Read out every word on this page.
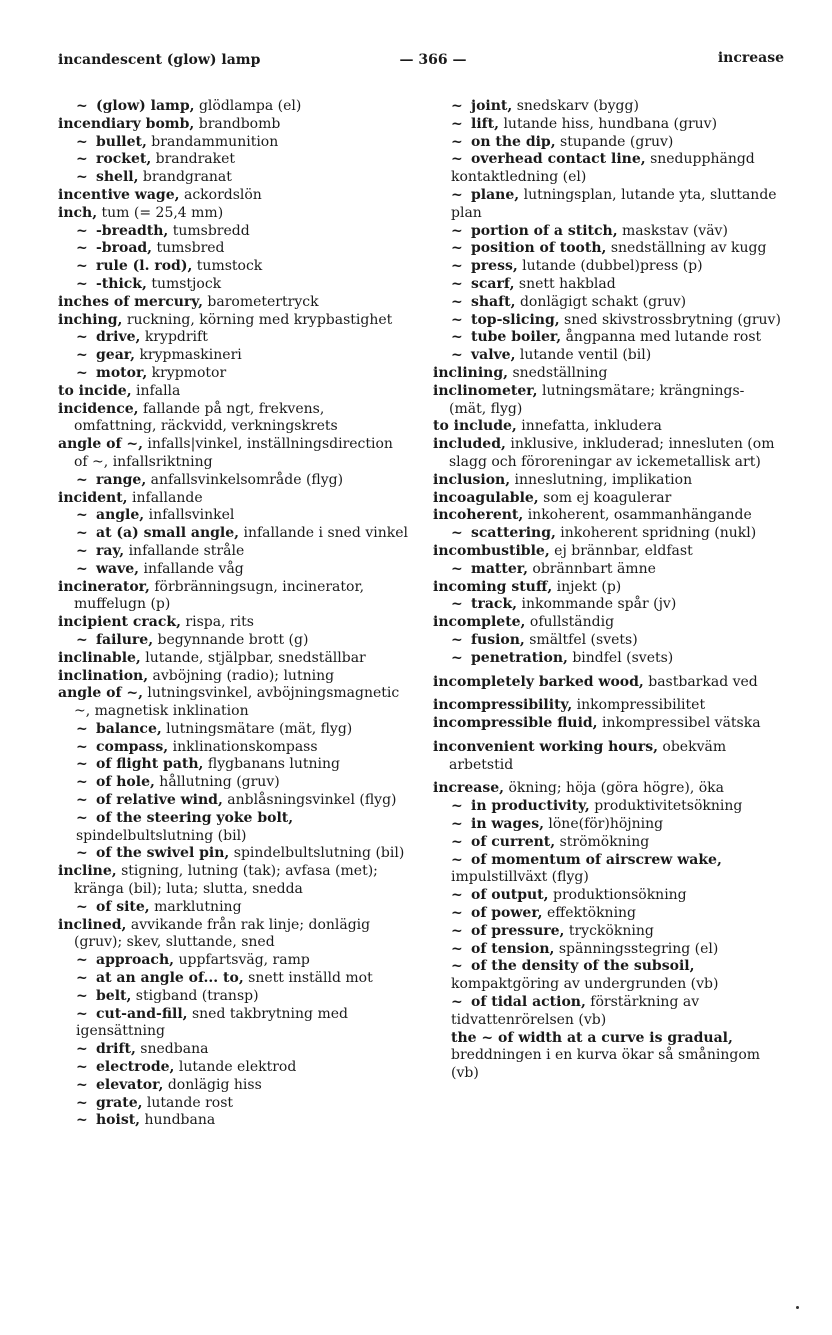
incandescent (glow) lamp	— 366 —	increase

~ (glow) lamp, glödlampa (el)

incendiary bomb, brandbomb

~ bullet, brandammunition

~ rocket, brandraket

~ shell, brandgranat

incentive wage, ackordslön

inch, tum (= 25,4 mm)

~ -breadth, tumsbredd

~ -broad, tumsbred

~ rule (l. rod), tumstock

~ -thick, tumstjock

inches of mercury, barometertryck

inching, ruckning, körning med krypbastighet

~ drive, krypdrift

~ gear, krypmaskineri

~ motor, krypmotor

to incide, infalla

incidence, fallande på ngt, frekvens, omfattning, räckvidd, verkningskrets

angle of ~, infalls|vinkel, inställningsdirection of ~, infallsriktning

~ range, anfallsvinkelsområde (flyg)

incident, infallande

~ angle, infallsvinkel

~ at (a) small angle, infallande i sned vinkel

~ ray, infallande stråle

~ wave, infallande våg

incinerator, förbränningsugn, incinerator, muffelugn (p)

incipient crack, rispa, rits

~ failure, begynnande brott (g)

inclinable, lutande, stjälpbar, snedställbar

inclination, avböjning (radio); lutning

angle of ~, lutningsvinkel, avböjningsmagnetic ~, magnetisk inklination

~ balance, lutningsmätare (mät, flyg)

~ compass, inklinationskompass

~ of flight path, flygbanans lutning

~ of hole, hållutning (gruv)

~ of relative wind, anblåsningsvinkel (flyg)

~ of the steering yoke bolt, spindelbultslutning (bil)

~ of the swivel pin, spindelbultslutning (bil)

incline, stigning, lutning (tak); avfasa (met); kränga (bil); luta; slutta, snedda

~ of site, marklutning

inclined, avvikande från rak linje; donlägig (gruv); skev, sluttande, sned

~ approach, uppfartsväg, ramp

~ at an angle of... to, snett inställd mot

~ belt, stigband (transp)

~ cut-and-fill, sned takbrytning med igensättning

~ drift, snedbana

~ electrode, lutande elektrod

~ elevator, donlägig hiss

~ grate, lutande rost

~ hoist, hundbana

~ joint, snedskarv (bygg)

~ lift, lutande hiss, hundbana (gruv)

~ on the dip, stupande (gruv)

~ overhead contact line, snedupphängd kontaktledning (el)

~ plane, lutningsplan, lutande yta, sluttande plan

~ portion of a stitch, maskstav (väv)

~ position of tooth, snedställning av kugg

~ press, lutande (dubbel)press (p)

~ scarf, snett hakblad

~ shaft, donlägigt schakt (gruv)

~ top-slicing, sned skivstrossbrytning (gruv)

~ tube boiler, ångpanna med lutande rost

~ valve, lutande ventil (bil)

inclining, snedställning

inclinometer, lutningsmätare; krängnings- (mät, flyg)

to include, innefatta, inkludera

included, inklusive, inkluderad; innesluten (om slagg och föroreningar av ickemetallisk art)

inclusion, inneslutning, implikation

incoagulable, som ej koagulerar

incoherent, inkoherent, osammanhängande

~ scattering, inkoherent spridning (nukl)

incombustible, ej brännbar, eldfast

~ matter, obrännbart ämne

incoming stuff, injekt (p)

~ track, inkommande spår (jv)

incomplete, ofullständig

~ fusion, smältfel (svets)

~ penetration, bindfel (svets)

incompletely barked wood, bastbarkad ved

incompressibility, inkompressibilitet

incompressible fluid, inkompressibel vätska

inconvenient working hours, obekväm arbetstid

increase, ökning; höja (göra högre), öka

~ in productivity, produktivitetsökning

~ in wages, löne(för)höjning

~ of current, strömökning

~ of momentum of airscrew wake, impulstillväxt (flyg)

~ of output, produktionsökning

~ of power, effektökning

~ of pressure, tryckökning

~ of tension, spänningsstegring (el)

~ of the density of the subsoil, kompaktgöring av undergrunden (vb)

~ of tidal action, förstärkning av tidvattenrörelsen (vb)

the ~ of width at a curve is gradual, breddningen i en kurva ökar så småningom (vb)
